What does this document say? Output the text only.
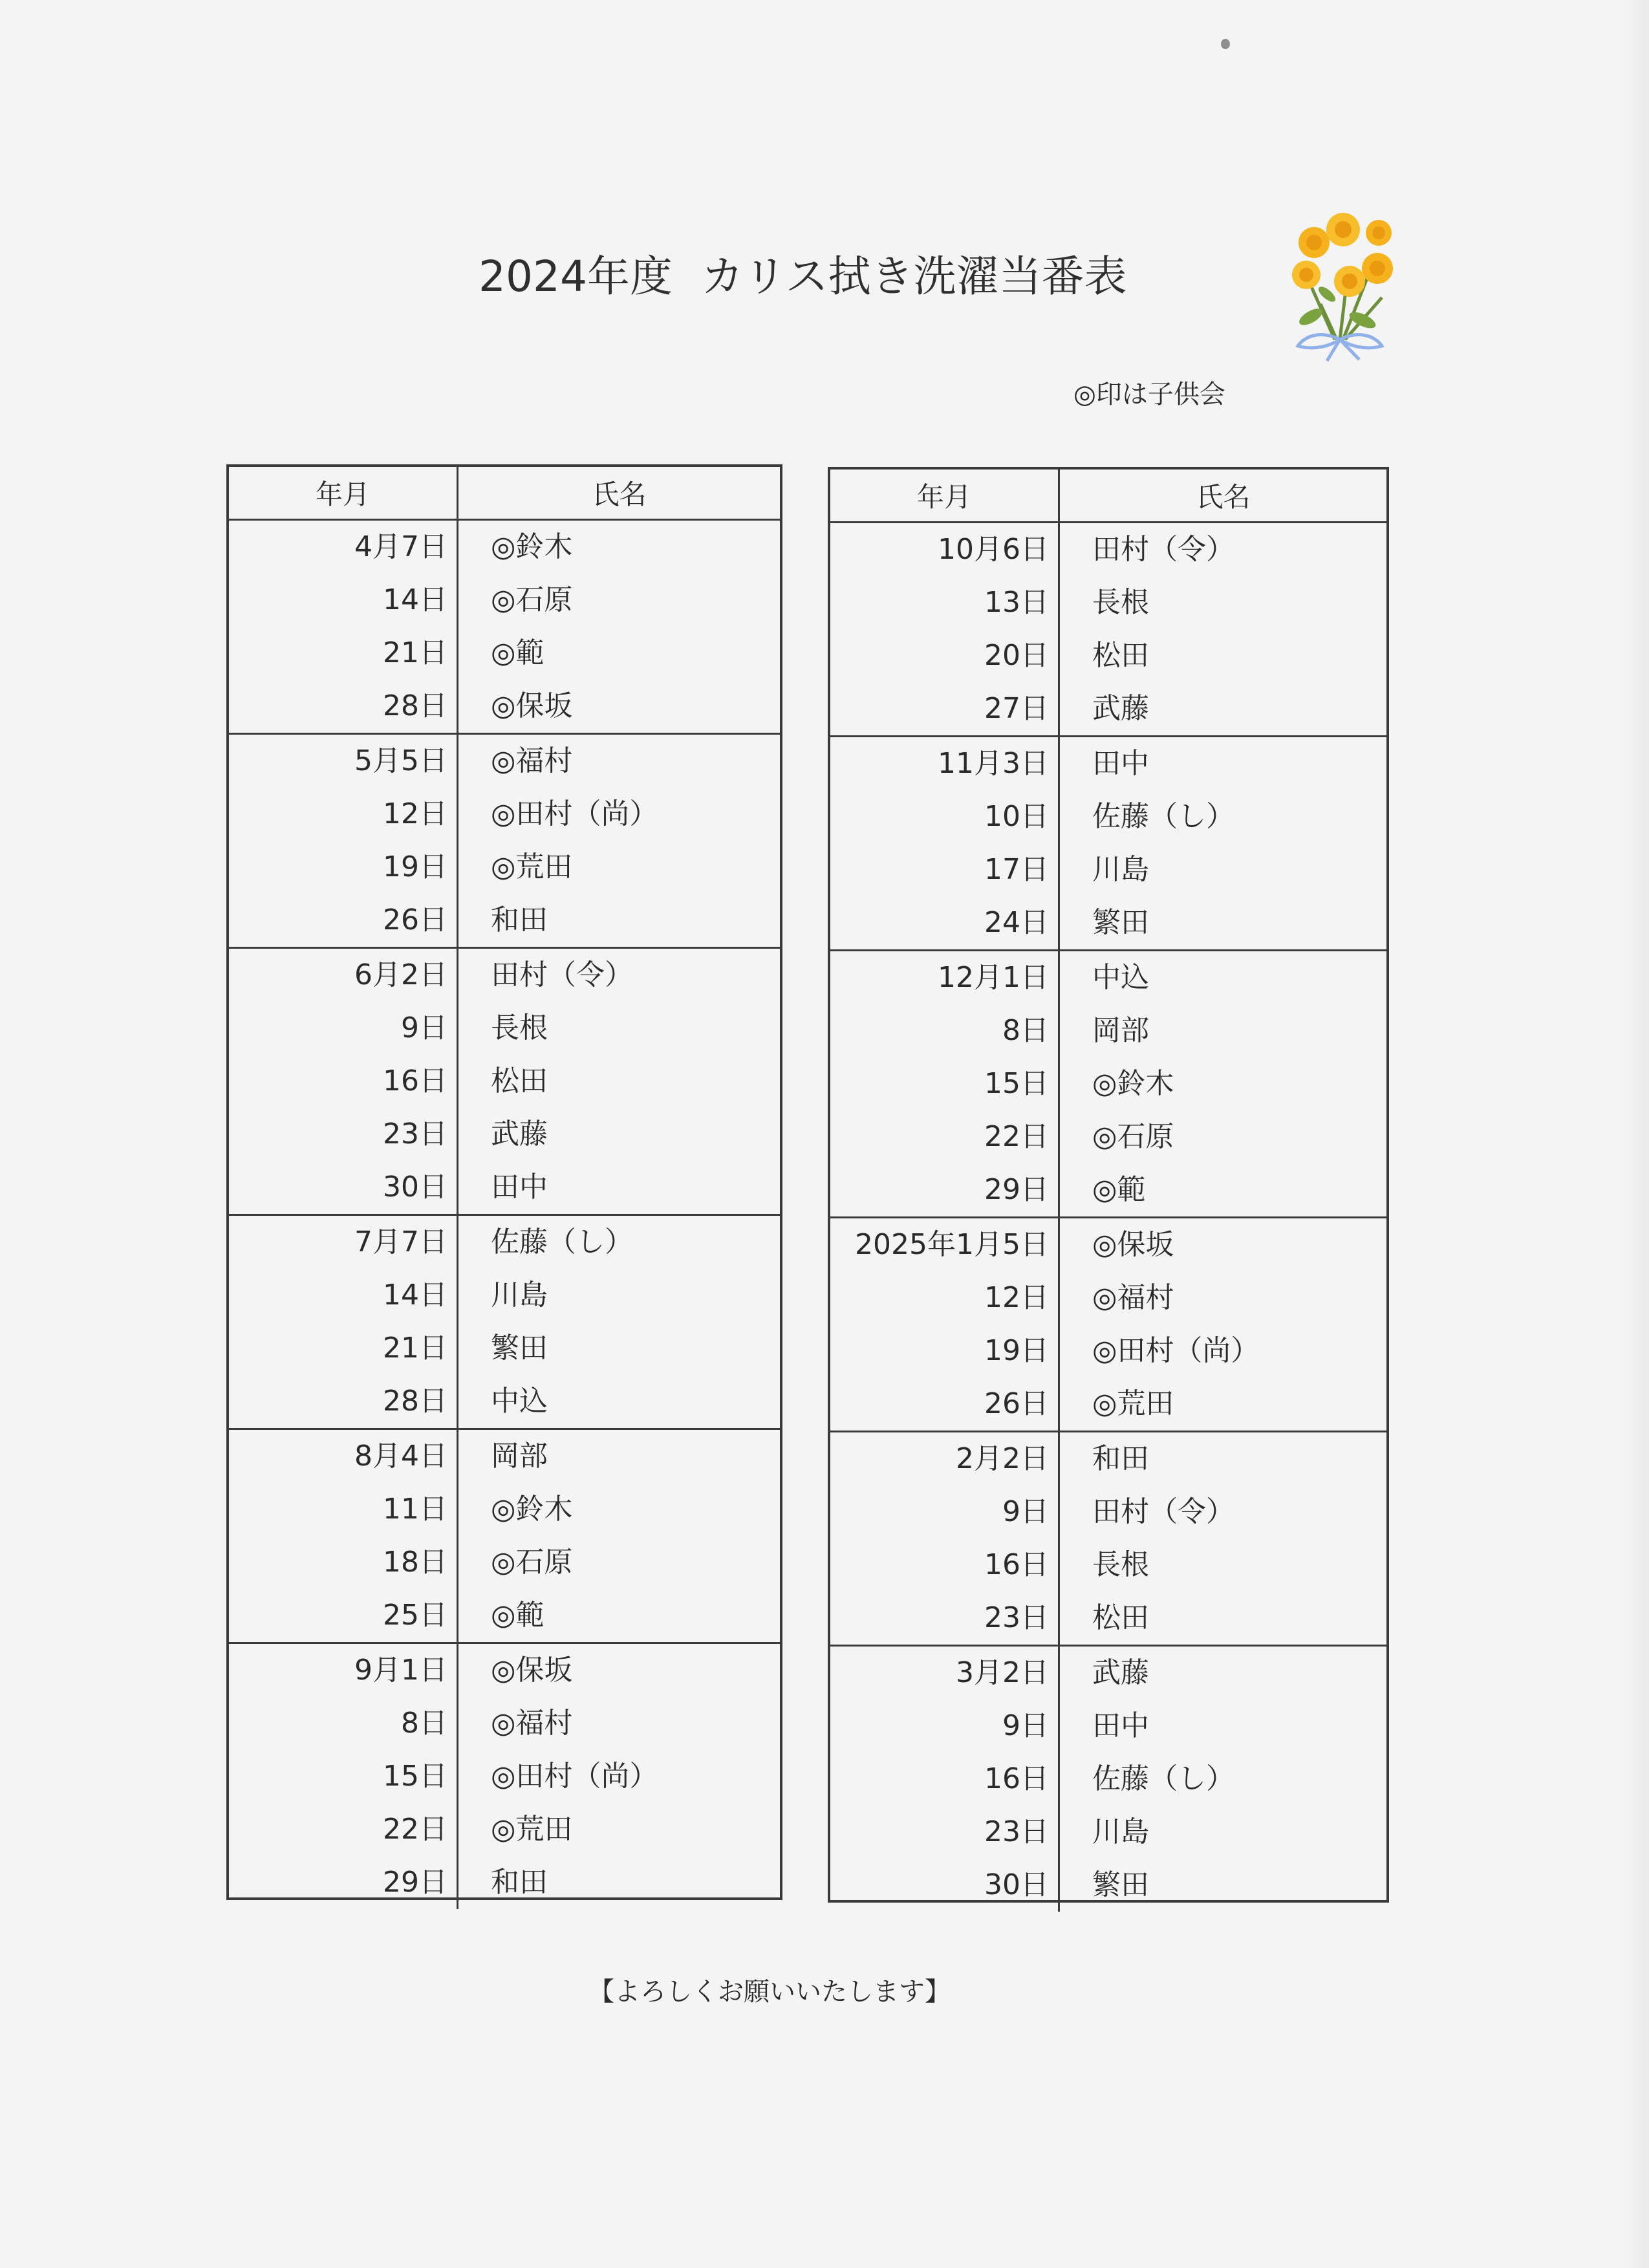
2024年度 カリス拭き洗濯当番表
◎印は子供会
年月	氏名
4月7日	◎鈴木
14日	◎石原
21日	◎範
28日	◎保坂
5月5日	◎福村
12日	◎田村（尚）
19日	◎荒田
26日	和田
6月2日	田村（令）
9日	長根
16日	松田
23日	武藤
30日	田中
7月7日	佐藤（し）
14日	川島
21日	繁田
28日	中込
8月4日	岡部
11日	◎鈴木
18日	◎石原
25日	◎範
9月1日	◎保坂
8日	◎福村
15日	◎田村（尚）
22日	◎荒田
29日	和田
年月	氏名
10月6日	田村（令）
13日	長根
20日	松田
27日	武藤
11月3日	田中
10日	佐藤（し）
17日	川島
24日	繁田
12月1日	中込
8日	岡部
15日	◎鈴木
22日	◎石原
29日	◎範
2025年1月5日	◎保坂
12日	◎福村
19日	◎田村（尚）
26日	◎荒田
2月2日	和田
9日	田村（令）
16日	長根
23日	松田
3月2日	武藤
9日	田中
16日	佐藤（し）
23日	川島
30日	繁田
【よろしくお願いいたします】
